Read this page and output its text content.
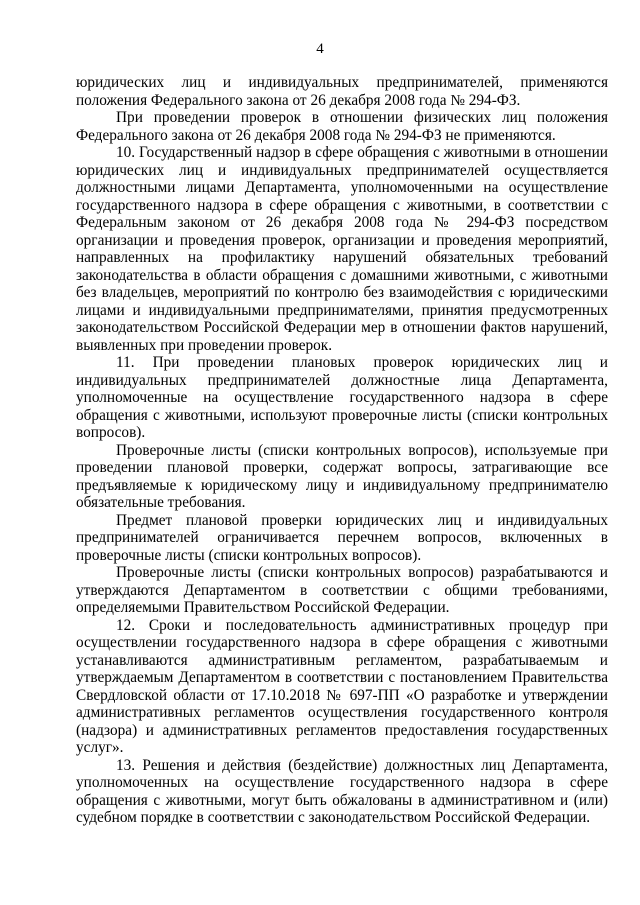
4

юридических лиц и индивидуальных предпринимателей, применяются положения Федерального закона от 26 декабря 2008 года № 294-ФЗ.

При проведении проверок в отношении физических лиц положения Федерального закона от 26 декабря 2008 года № 294-ФЗ не применяются.

10. Государственный надзор в сфере обращения с животными в отношении юридических лиц и индивидуальных предпринимателей осуществляется должностными лицами Департамента, уполномоченными на осуществление государственного надзора в сфере обращения с животными, в соответствии с Федеральным законом от 26 декабря 2008 года № 294-ФЗ посредством организации и проведения проверок, организации и проведения мероприятий, направленных на профилактику нарушений обязательных требований законодательства в области обращения с домашними животными, с животными без владельцев, мероприятий по контролю без взаимодействия с юридическими лицами и индивидуальными предпринимателями, принятия предусмотренных законодательством Российской Федерации мер в отношении фактов нарушений, выявленных при проведении проверок.

11. При проведении плановых проверок юридических лиц и индивидуальных предпринимателей должностные лица Департамента, уполномоченные на осуществление государственного надзора в сфере обращения с животными, используют проверочные листы (списки контрольных вопросов).

Проверочные листы (списки контрольных вопросов), используемые при проведении плановой проверки, содержат вопросы, затрагивающие все предъявляемые к юридическому лицу и индивидуальному предпринимателю обязательные требования.

Предмет плановой проверки юридических лиц и индивидуальных предпринимателей ограничивается перечнем вопросов, включенных в проверочные листы (списки контрольных вопросов).

Проверочные листы (списки контрольных вопросов) разрабатываются и утверждаются Департаментом в соответствии с общими требованиями, определяемыми Правительством Российской Федерации.

12. Сроки и последовательность административных процедур при осуществлении государственного надзора в сфере обращения с животными устанавливаются административным регламентом, разрабатываемым и утверждаемым Департаментом в соответствии с постановлением Правительства Свердловской области от 17.10.2018 № 697-ПП «О разработке и утверждении административных регламентов осуществления государственного контроля (надзора) и административных регламентов предоставления государственных услуг».

13. Решения и действия (бездействие) должностных лиц Департамента, уполномоченных на осуществление государственного надзора в сфере обращения с животными, могут быть обжалованы в административном и (или) судебном порядке в соответствии с законодательством Российской Федерации.
